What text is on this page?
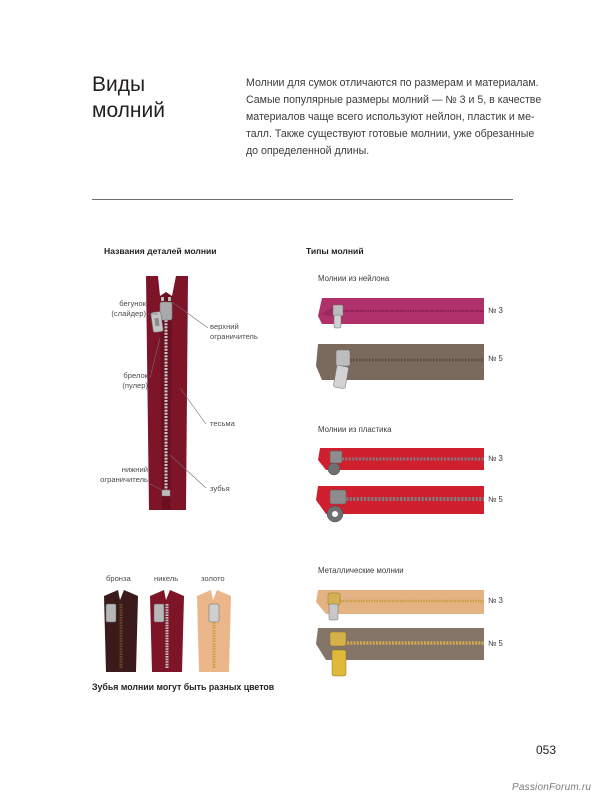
Виды
молний
Молнии для сумок отличаются по размерам и материалам.
Самые популярные размеры молний — № 3 и 5, в качестве
материалов чаще всего используют нейлон, пластик и ме-
талл. Также существуют готовые молнии, уже обрезанные
до определенной длины.
Названия деталей молнии	Типы молний
бегунок
(слайдер)
брелок
(пулер)
нижний
ограничитель
верхний
ограничитель
тесьма
зубья
Молнии из нейлона
№ 3
№ 5
Молнии из пластика
№ 3
№ 5
Металлические молнии
№ 3
№ 5
бронза	никель	золото
Зубья молнии могут быть разных цветов
053
PassionForum.ru
